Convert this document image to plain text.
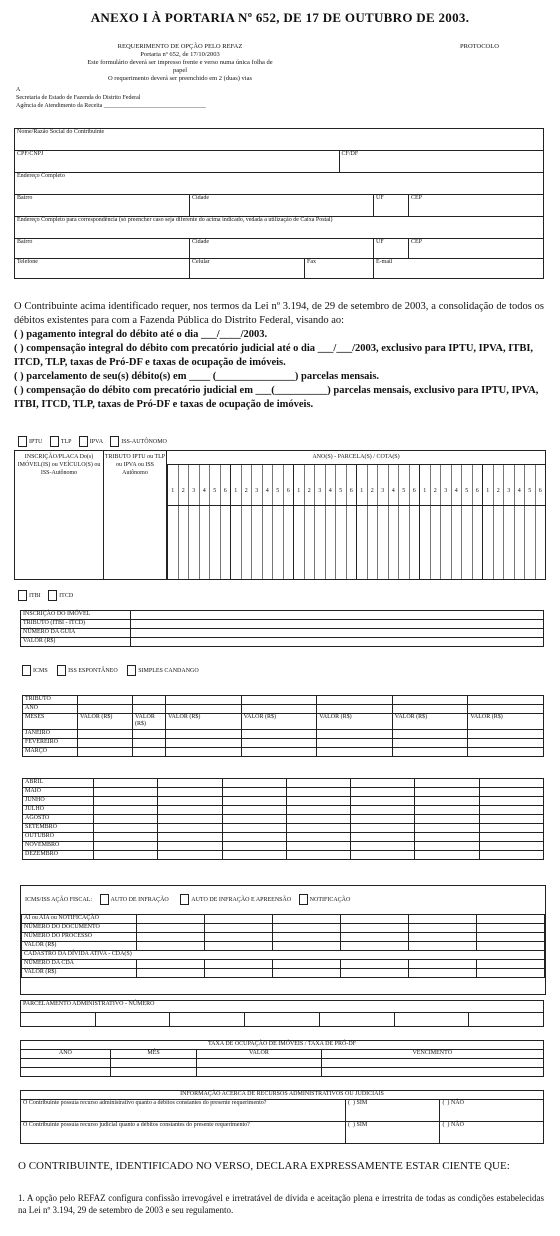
ANEXO I À PORTARIA Nº 652, DE 17 DE OUTUBRO DE 2003.
REQUERIMENTO DE OPÇÃO PELO REFAZ
Portaria nº 652, de 17/10/2003
Este formulário deverá ser impresso frente e verso numa única folha de papel
O requerimento deverá ser preenchido em 2 (duas) vias
PROTOCOLO
A
Secretaria de Estado de Fazenda do Distrito Federal
Agência de Atendimento da Receita __________________________________
Nome/Razão Social do Contribuinte					
CPF/CNPJ			CF/DF		
Endereço Completo					
Bairro	Cidade			UF	CEP
Endereço Completo para correspondência (só preencher caso seja diferente do acima indicado, vedada a utilização de Caixa Postal)					
Bairro	Cidade			UF	CEP
Telefone	Celular	Fax		E-mail	
O Contribuinte acima identificado requer, nos termos da Lei nº 3.194, de 29 de setembro de 2003, a consolidação de todos os débitos existentes para com a Fazenda Pública do Distrito Federal, visando ao:
( ) pagamento integral do débito até o dia ___/____/2003.
( ) compensação integral do débito com precatório judicial até o dia ___/___/2003, exclusivo para IPTU, IPVA, ITBI, ITCD, TLP, taxas de Pró-DF e taxas de ocupação de imóveis.
( ) parcelamento de seu(s) débito(s) em ____ (_______________) parcelas mensais.
( ) compensação do débito com precatório judicial em ___(__________) parcelas mensais, exclusivo para IPTU, IPVA, ITBI, ITCD, TLP, taxas de Pró-DF e taxas de ocupação de imóveis.
IPTU	TLP	IPVA	ISS-AUTÔNOMO
INSCRIÇÃO/PLACA Do(s) IMÓVEL(IS) ou VEÍCULO(S) ou ISS-Autônomo
TRIBUTO IPTU ou TLP ou IPVA ou ISS Autônomo
ANO(S) - PARCELA(S) / COTA(S)
1	2	3	4	5	6	1	2	3	4	5	6	1	2	3	4	5	6	1	2	3	4	5	6	1	2	3	4	5	6	1	2	3	4	5	6
ITBI	ITCD
INSCRIÇÃO DO IMÓVEL	
TRIBUTO (ITBI - ITCD)	
NÚMERO DA GUIA	
VALOR (R$)	
ICMS	ISS ESPONTÂNEO	SIMPLES CANDANGO
TRIBUTO							
ANO							
MESES	VALOR (R$)	VALOR (R$)	VALOR (R$)	VALOR (R$)	VALOR (R$)	VALOR (R$)	VALOR (R$)
JANEIRO							
FEVEREIRO							
MARÇO							
ABRIL							
MAIO							
JUNHO							
JULHO							
AGOSTO							
SETEMBRO							
OUTUBRO							
NOVEMBRO							
DEZEMBRO							
ICMS/ISS AÇÃO FISCAL:	AUTO DE INFRAÇÃO	AUTO DE INFRAÇÃO E APREENSÃO	NOTIFICAÇÃO
AI ou AIA ou NOTIFICAÇÃO						
NÚMERO DO DOCUMENTO						
NÚMERO DO PROCESSO						
VALOR (R$)						
CADASTRO DA DÍVIDA ATIVA - CDA(S)						
NÚMERO DA CDA						
VALOR (R$)						
PARCELAMENTO ADMINISTRATIVO - NÚMERO

TAXA DE OCUPAÇÃO DE IMÓVEIS / TAXA DE PRÓ-DF			
ANO	MÊS	VALOR	VENCIMENTO

INFORMAÇÃO ACERCA DE RECURSOS ADMINISTRATIVOS OU JUDICIAIS		
O Contribuinte possuía recurso administrativo quanto a débitos constantes do presente requerimento?	(  ) SIM	(  ) NÃO
O Contribuinte possuía recurso judicial quanto a débitos constantes do presente requerimento?	(  ) SIM	(  ) NÃO
O CONTRIBUINTE, IDENTIFICADO NO VERSO, DECLARA EXPRESSAMENTE ESTAR CIENTE QUE:
1. A opção pelo REFAZ configura confissão irrevogável e irretratável de dívida e aceitação plena e irrestrita de todas as condições estabelecidas na Lei nº 3.194, 29 de setembro de 2003 e seu regulamento.
